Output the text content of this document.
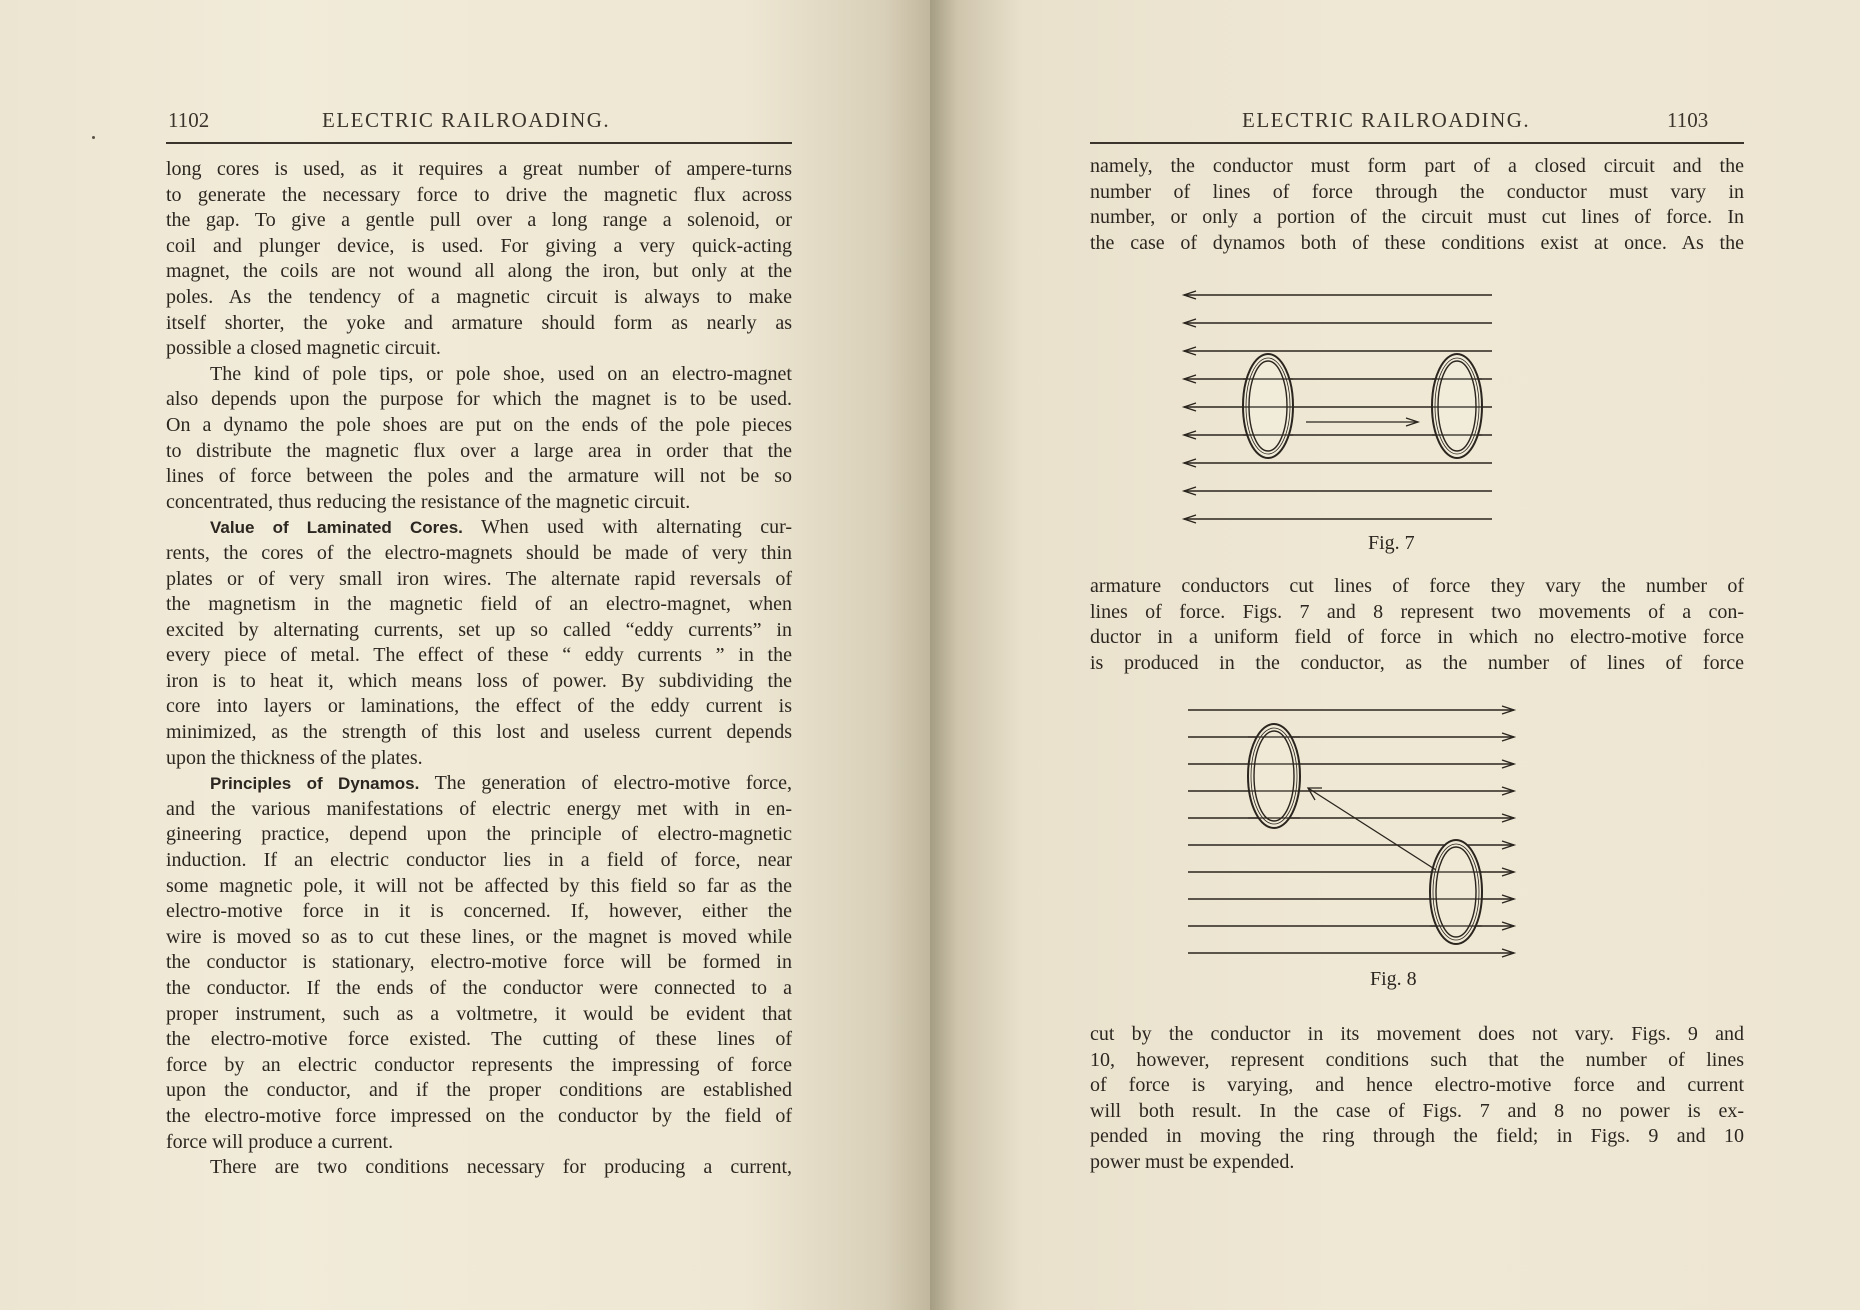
1102	ELECTRIC RAILROADING.
long cores is used, as it requires a great number of ampere-turns
to generate the necessary force to drive the magnetic flux across
the gap. To give a gentle pull over a long range a solenoid, or
coil and plunger device, is used. For giving a very quick-acting
magnet, the coils are not wound all along the iron, but only at the
poles. As the tendency of a magnetic circuit is always to make
itself shorter, the yoke and armature should form as nearly as
possible a closed magnetic circuit.
The kind of pole tips, or pole shoe, used on an electro-magnet
also depends upon the purpose for which the magnet is to be used.
On a dynamo the pole shoes are put on the ends of the pole pieces
to distribute the magnetic flux over a large area in order that the
lines of force between the poles and the armature will not be so
concentrated, thus reducing the resistance of the magnetic circuit.
Value of Laminated Cores. When used with alternating cur-
rents, the cores of the electro-magnets should be made of very thin
plates or of very small iron wires. The alternate rapid reversals of
the magnetism in the magnetic field of an electro-magnet, when
excited by alternating currents, set up so called “eddy currents” in
every piece of metal. The effect of these “ eddy currents ” in the
iron is to heat it, which means loss of power. By subdividing the
core into layers or laminations, the effect of the eddy current is
minimized, as the strength of this lost and useless current depends
upon the thickness of the plates.
Principles of Dynamos. The generation of electro-motive force,
and the various manifestations of electric energy met with in en-
gineering practice, depend upon the principle of electro-magnetic
induction. If an electric conductor lies in a field of force, near
some magnetic pole, it will not be affected by this field so far as the
electro-motive force in it is concerned. If, however, either the
wire is moved so as to cut these lines, or the magnet is moved while
the conductor is stationary, electro-motive force will be formed in
the conductor. If the ends of the conductor were connected to a
proper instrument, such as a voltmetre, it would be evident that
the electro-motive force existed. The cutting of these lines of
force by an electric conductor represents the impressing of force
upon the conductor, and if the proper conditions are established
the electro-motive force impressed on the conductor by the field of
force will produce a current.
There are two conditions necessary for producing a current,
ELECTRIC RAILROADING.	1103
namely, the conductor must form part of a closed circuit and the
number of lines of force through the conductor must vary in
number, or only a portion of the circuit must cut lines of force. In
the case of dynamos both of these conditions exist at once. As the
Fig. 7
armature conductors cut lines of force they vary the number of
lines of force. Figs. 7 and 8 represent two movements of a con-
ductor in a uniform field of force in which no electro-motive force
is produced in the conductor, as the number of lines of force
Fig. 8
cut by the conductor in its movement does not vary. Figs. 9 and
10, however, represent conditions such that the number of lines
of force is varying, and hence electro-motive force and current
will both result. In the case of Figs. 7 and 8 no power is ex-
pended in moving the ring through the field; in Figs. 9 and 10
power must be expended.
